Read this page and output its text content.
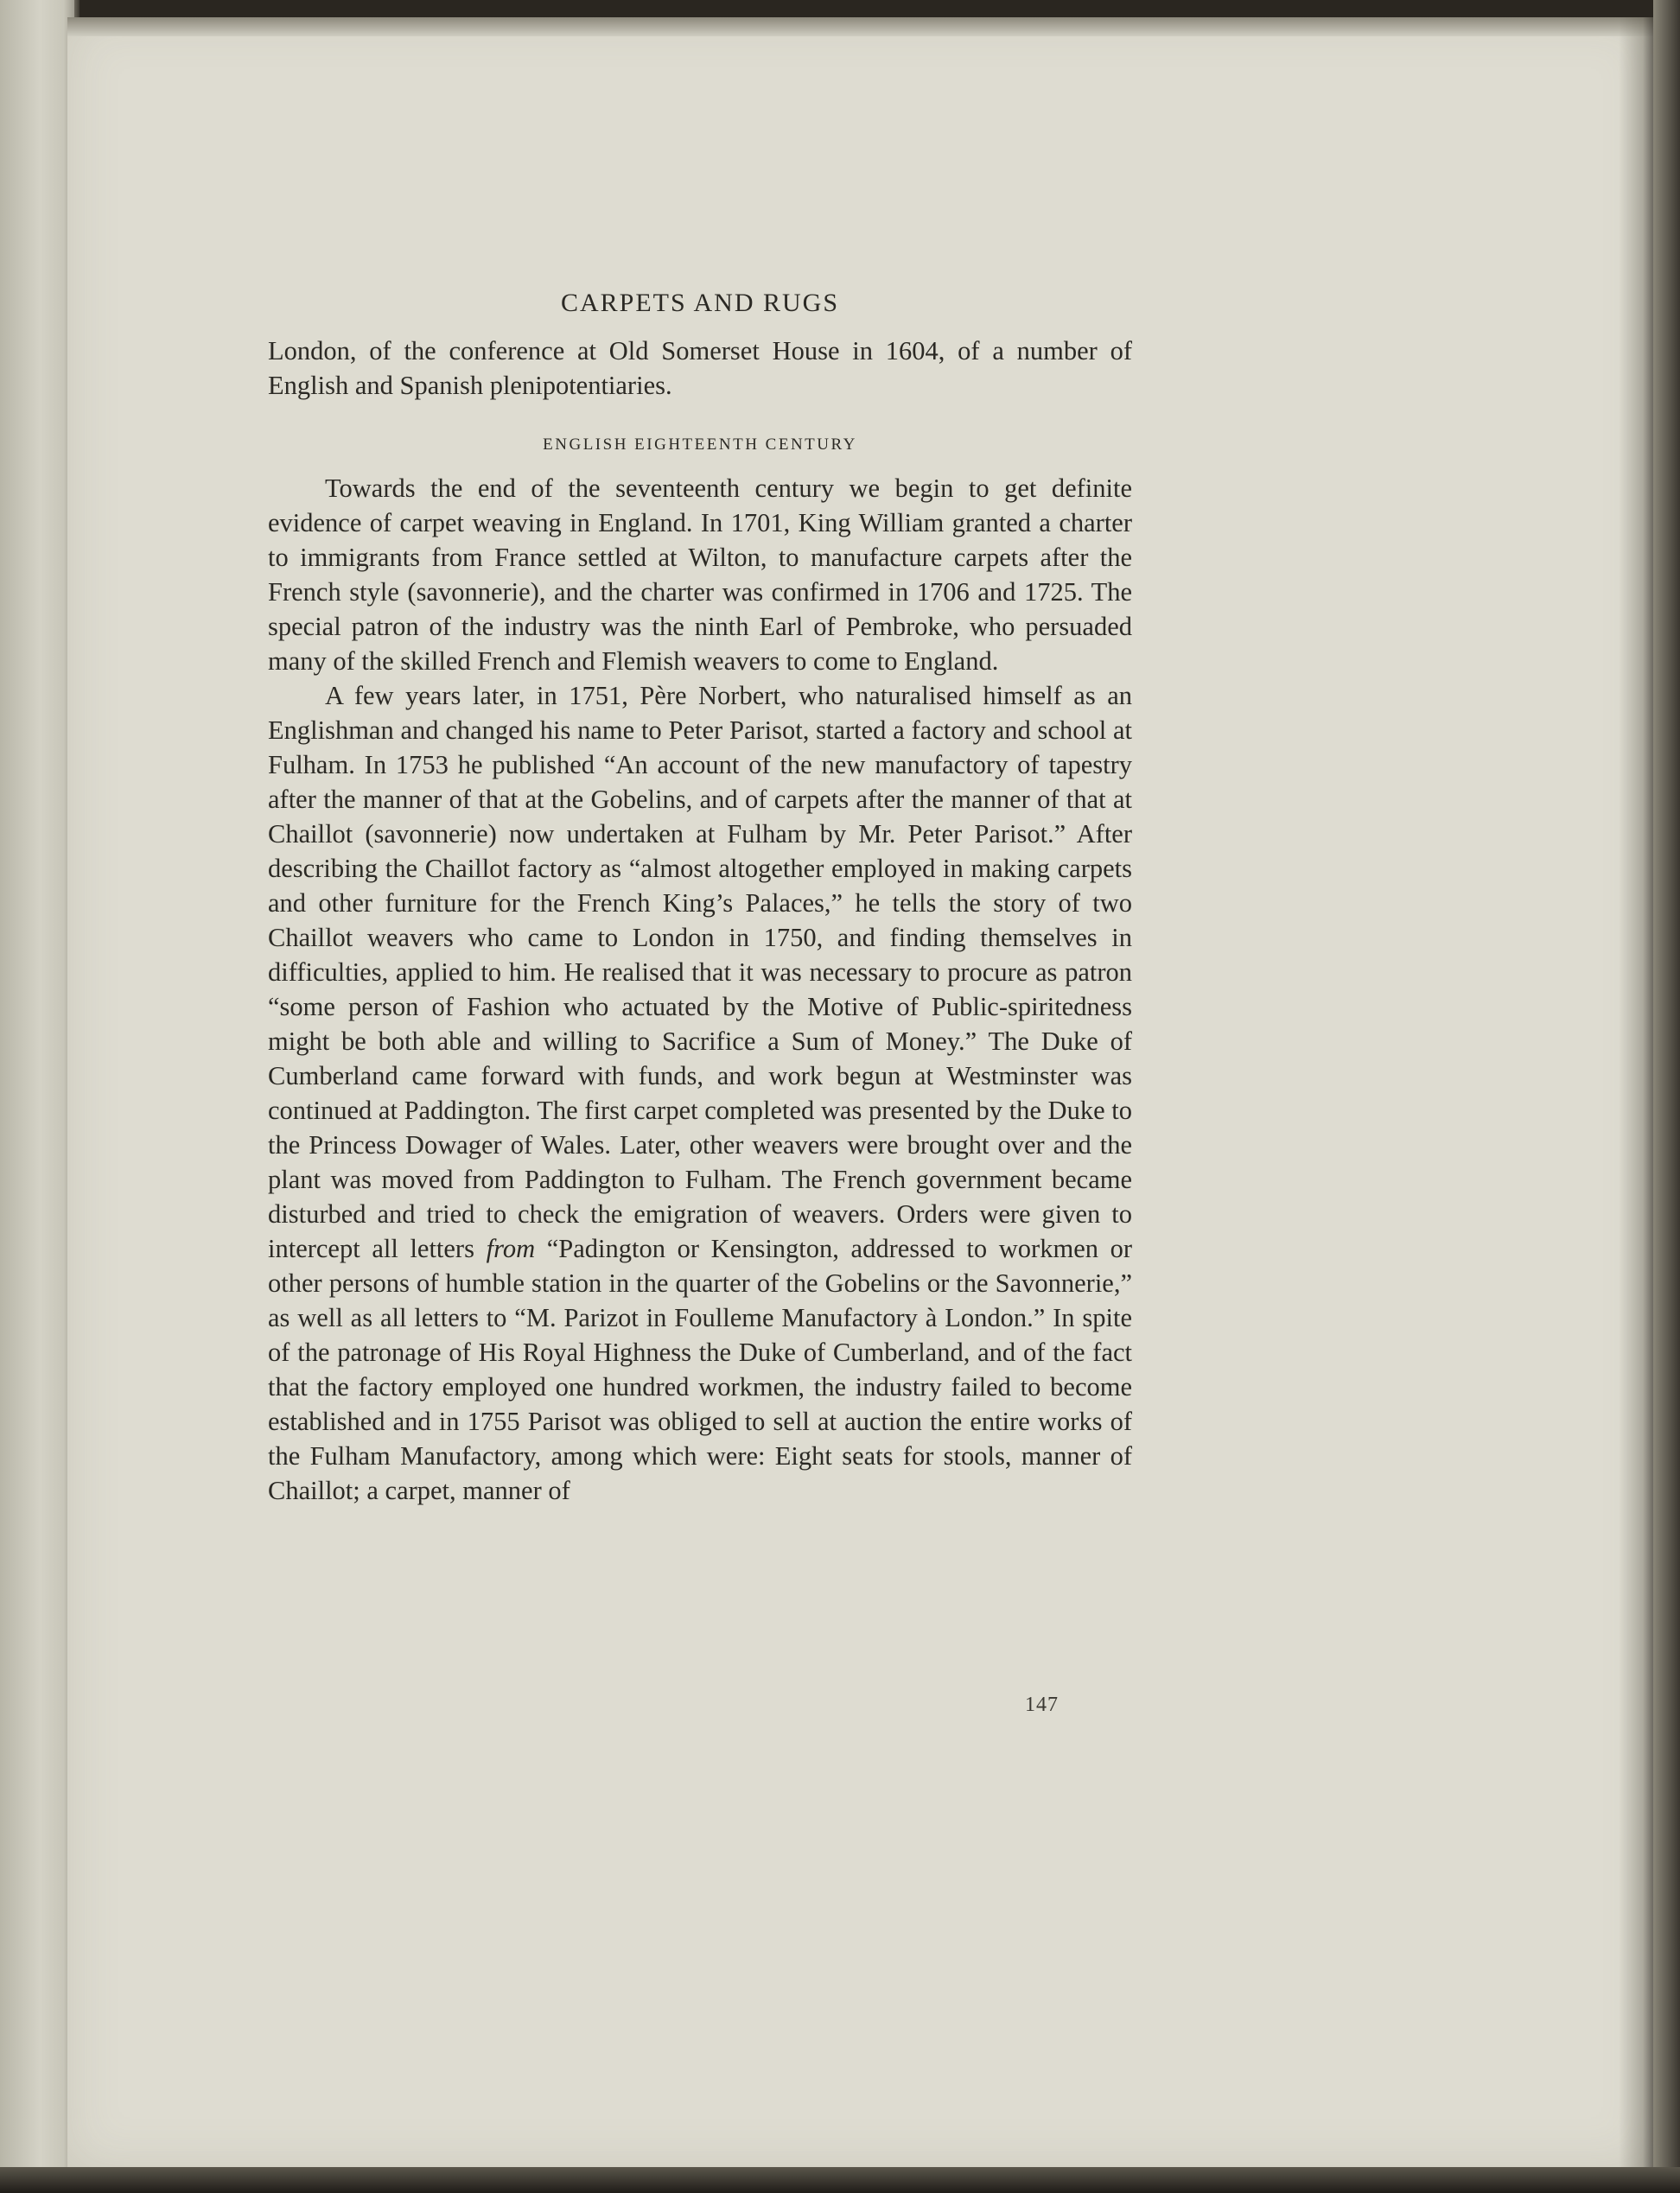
CARPETS AND RUGS

London, of the conference at Old Somerset House in 1604, of a number of English and Spanish plenipotentiaries.

ENGLISH EIGHTEENTH CENTURY

Towards the end of the seventeenth century we begin to get definite evidence of carpet weaving in England. In 1701, King William granted a charter to immigrants from France settled at Wilton, to manufacture carpets after the French style (savonnerie), and the charter was confirmed in 1706 and 1725. The special patron of the industry was the ninth Earl of Pembroke, who persuaded many of the skilled French and Flemish weavers to come to England.

A few years later, in 1751, Père Norbert, who naturalised himself as an Englishman and changed his name to Peter Parisot, started a factory and school at Fulham. In 1753 he published “An account of the new manufactory of tapestry after the manner of that at the Gobelins, and of carpets after the manner of that at Chaillot (savonnerie) now undertaken at Fulham by Mr. Peter Parisot.” After describing the Chaillot factory as “almost altogether employed in making carpets and other furniture for the French King’s Palaces,” he tells the story of two Chaillot weavers who came to London in 1750, and finding themselves in difficulties, applied to him. He realised that it was necessary to procure as patron “some person of Fashion who actuated by the Motive of Public-spiritedness might be both able and willing to Sacrifice a Sum of Money.” The Duke of Cumberland came forward with funds, and work begun at Westminster was continued at Paddington. The first carpet completed was presented by the Duke to the Princess Dowager of Wales. Later, other weavers were brought over and the plant was moved from Paddington to Fulham. The French government became disturbed and tried to check the emigration of weavers. Orders were given to intercept all letters from “Padington or Kensington, addressed to workmen or other persons of humble station in the quarter of the Gobelins or the Savonnerie,” as well as all letters to “M. Parizot in Foulleme Manufactory à London.” In spite of the patronage of His Royal Highness the Duke of Cumberland, and of the fact that the factory employed one hundred workmen, the industry failed to become established and in 1755 Parisot was obliged to sell at auction the entire works of the Fulham Manufactory, among which were: Eight seats for stools, manner of Chaillot; a carpet, manner of

147
